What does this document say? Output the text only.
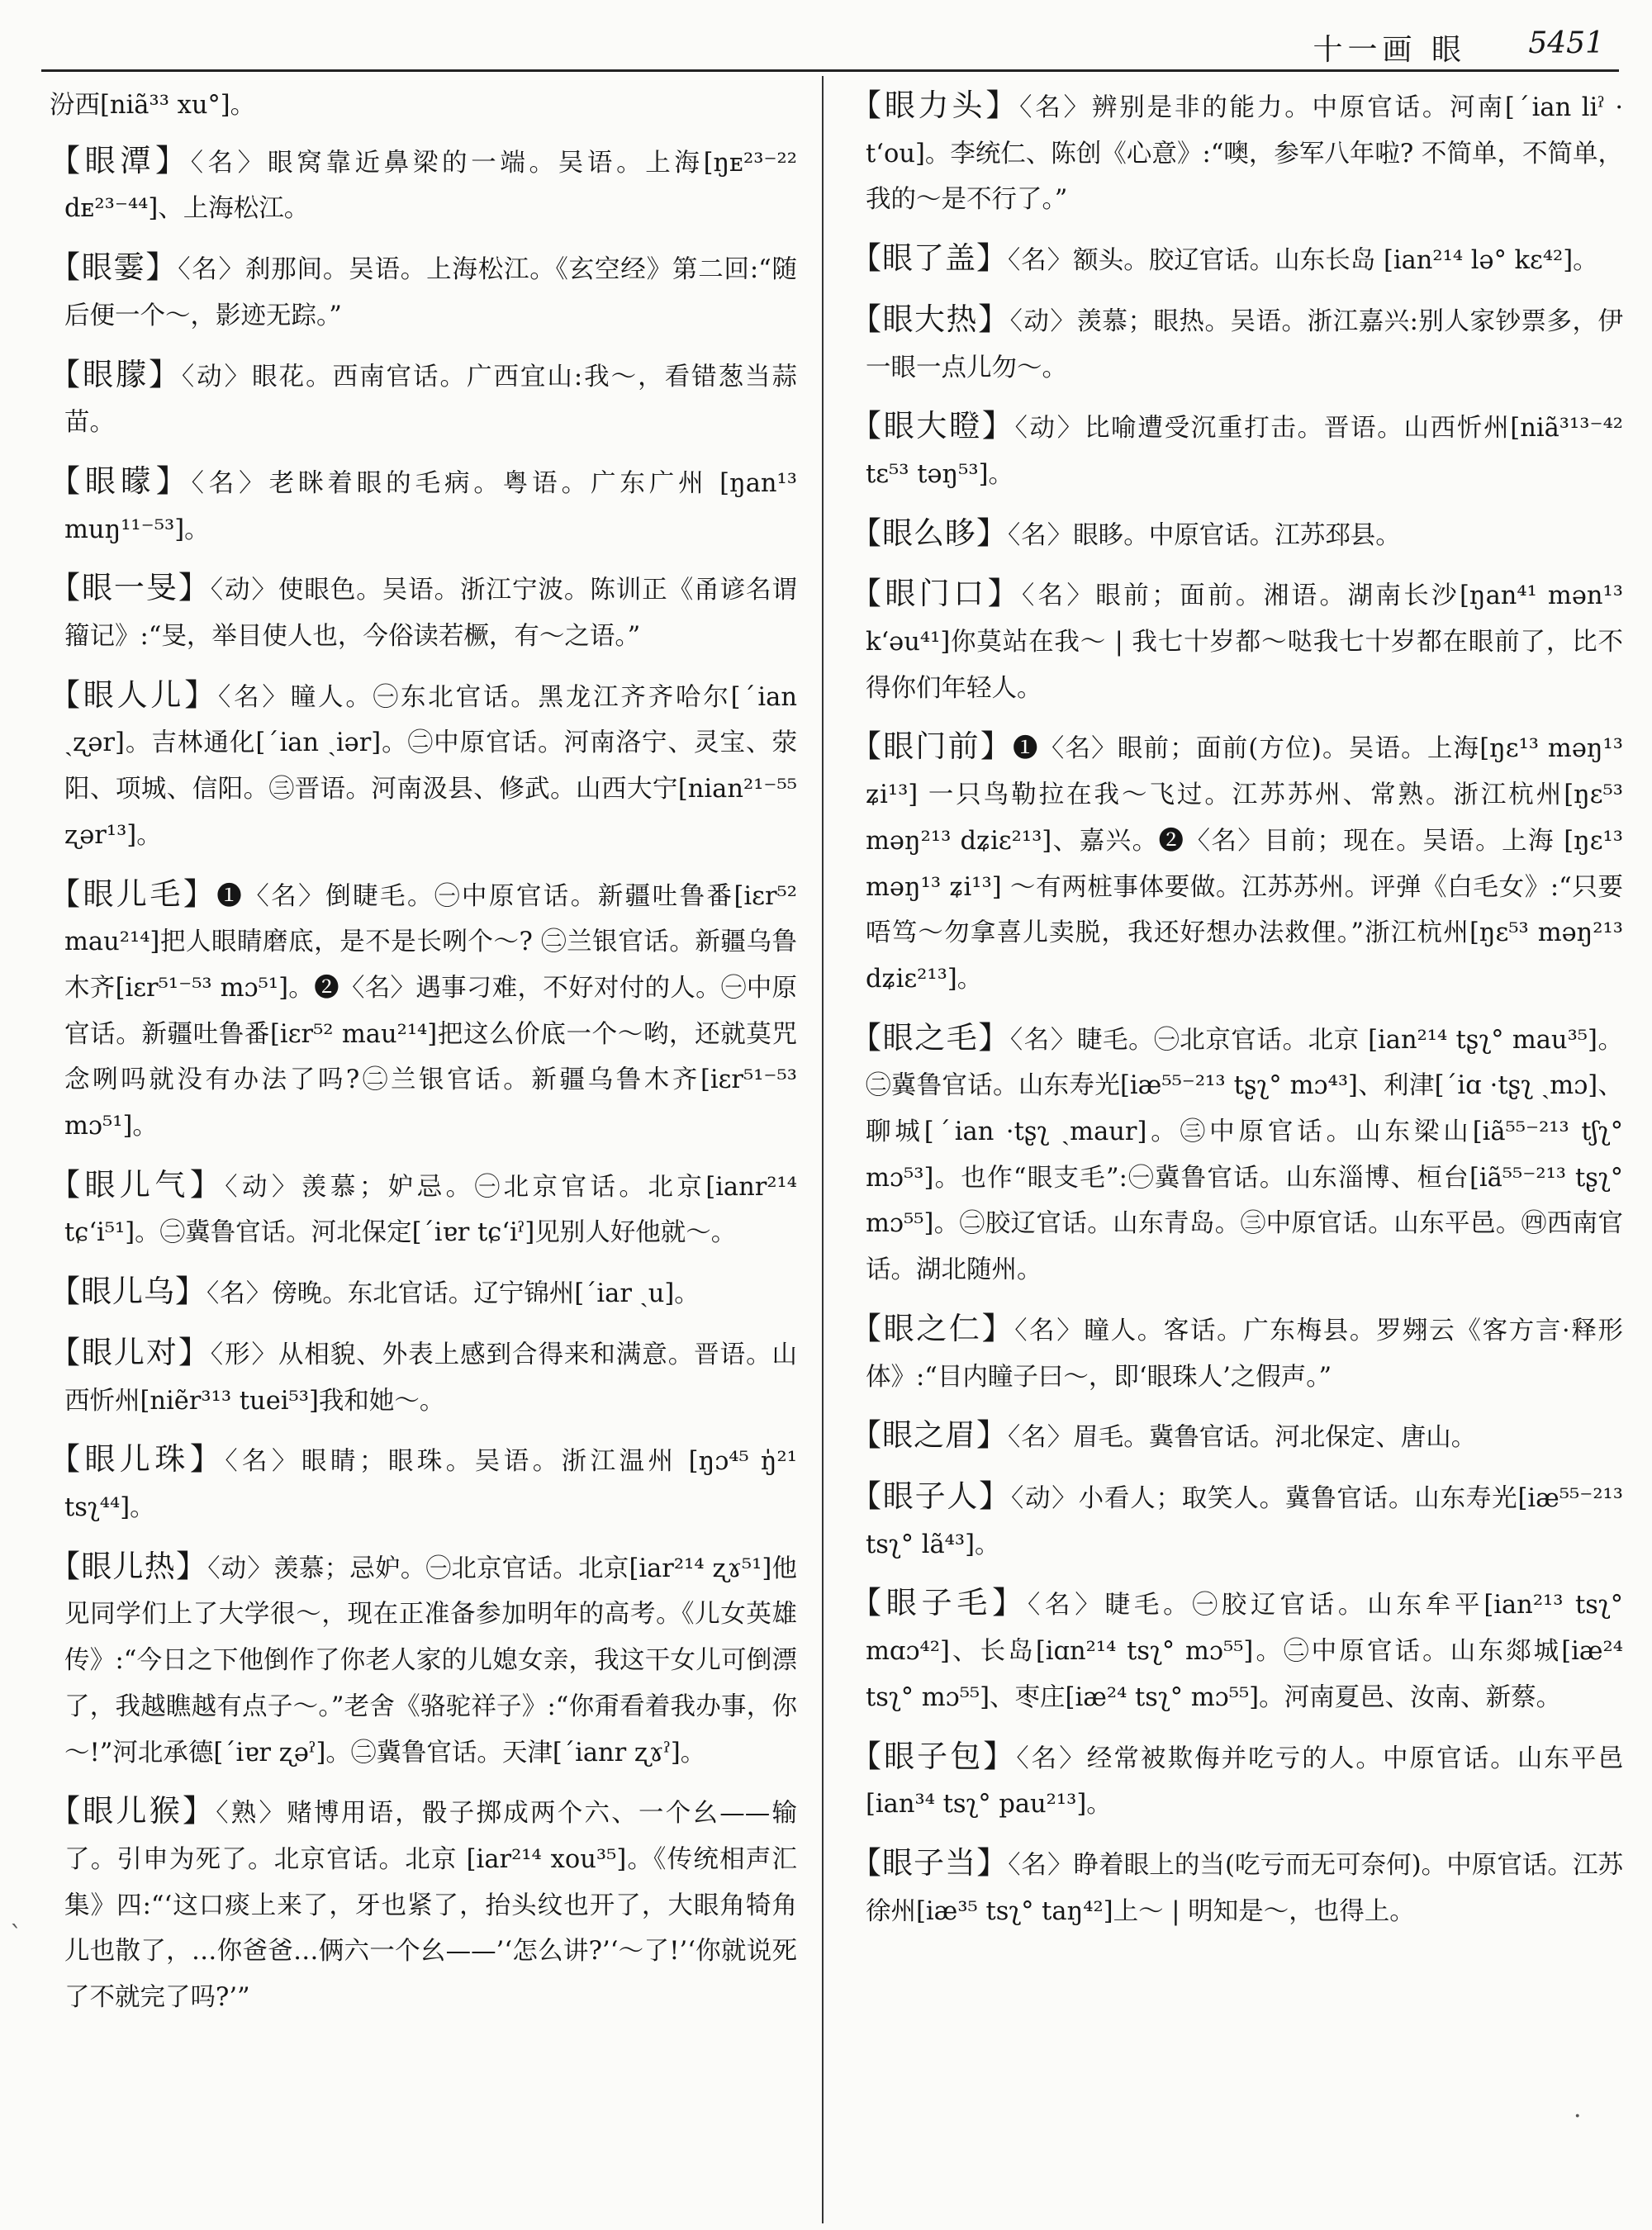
十一画 眼 5451

汾西[niã³³ xu°]。

【眼潭】〈名〉眼窝靠近鼻梁的一端。吴语。上海[ŋᴇ²³⁻²² dᴇ²³⁻⁴⁴]、上海松江。

【眼霎】〈名〉刹那间。吴语。上海松江。《玄空经》第二回:“随后便一个～，影迹无踪。”

【眼朦】〈动〉眼花。西南官话。广西宜山:我～，看错葱当蒜苗。

【眼矇】〈名〉老眯着眼的毛病。粤语。广东广州 [ŋan¹³ muŋ¹¹⁻⁵³]。

【眼一旻】〈动〉使眼色。吴语。浙江宁波。陈训正《甬谚名谓籀记》:“旻，举目使人也，今俗读若橛，有～之语。”

【眼人儿】〈名〉瞳人。㊀东北官话。黑龙江齐齐哈尔[ˊian ˏʐər]。吉林通化[ˊian ˏiər]。㊁中原官话。河南洛宁、灵宝、荥阳、项城、信阳。㊂晋语。河南汲县、修武。山西大宁[nian²¹⁻⁵⁵ ʐər¹³]。

【眼儿毛】❶〈名〉倒睫毛。㊀中原官话。新疆吐鲁番[iɛr⁵² mau²¹⁴]把人眼睛磨底，是不是长咧个～? ㊁兰银官话。新疆乌鲁木齐[iɛr⁵¹⁻⁵³ mɔ⁵¹]。❷〈名〉遇事刁难，不好对付的人。㊀中原官话。新疆吐鲁番[iɛr⁵² mau²¹⁴]把这么价底一个～哟，还就莫咒念咧吗就没有办法了吗?㊁兰银官话。新疆乌鲁木齐[iɛr⁵¹⁻⁵³ mɔ⁵¹]。

【眼儿气】〈动〉羡慕；妒忌。㊀北京官话。北京[ianr²¹⁴ tɕ‘i⁵¹]。㊁冀鲁官话。河北保定[ˊiɐr tɕ‘iˀ]见别人好他就～。

【眼儿乌】〈名〉傍晚。东北官话。辽宁锦州[ˊiar ˏu]。

【眼儿对】〈形〉从相貌、外表上感到合得来和满意。晋语。山西忻州[niẽr³¹³ tuei⁵³]我和她～。

【眼儿珠】〈名〉眼睛；眼珠。吴语。浙江温州 [ŋɔ⁴⁵ ŋ̍²¹ tsʅ⁴⁴]。

【眼儿热】〈动〉羡慕；忌妒。㊀北京官话。北京[iar²¹⁴ ʐɤ⁵¹]他见同学们上了大学很～，现在正准备参加明年的高考。《儿女英雄传》:“今日之下他倒作了你老人家的儿媳女亲，我这干女儿可倒漂了，我越瞧越有点子～。”老舍《骆驼祥子》:“你甭看着我办事，你～!”河北承德[ˊiɐr ʐəˀ]。㊁冀鲁官话。天津[ˊianr ʐɤˀ]。

【眼儿猴】〈熟〉赌博用语，骰子掷成两个六、一个幺——输了。引申为死了。北京官话。北京 [iar²¹⁴ xou³⁵]。《传统相声汇集》四:“‘这口痰上来了，牙也紧了，抬头纹也开了，大眼角犄角儿也散了，…你爸爸…俩六一个幺——’‘怎么讲?’‘～了!’‘你就说死了不就完了吗?’”

【眼力头】〈名〉辨别是非的能力。中原官话。河南[ˊian liˀ · t‘ou]。李统仁、陈创《心意》:“噢，参军八年啦? 不简单，不简单，我的～是不行了。”

【眼了盖】〈名〉额头。胶辽官话。山东长岛 [ian²¹⁴ lə° kɛ⁴²]。

【眼大热】〈动〉羡慕；眼热。吴语。浙江嘉兴:别人家钞票多，伊一眼一点儿勿～。

【眼大瞪】〈动〉比喻遭受沉重打击。晋语。山西忻州[niã³¹³⁻⁴² tɛ⁵³ təŋ⁵³]。

【眼么眵】〈名〉眼眵。中原官话。江苏邳县。

【眼门口】〈名〉眼前；面前。湘语。湖南长沙[ŋan⁴¹ mən¹³ k‘əu⁴¹]你莫站在我～ | 我七十岁都～哒我七十岁都在眼前了，比不得你们年轻人。

【眼门前】❶〈名〉眼前；面前(方位)。吴语。上海[ŋɛ¹³ məŋ¹³ ʑi¹³] 一只鸟勒拉在我～飞过。江苏苏州、常熟。浙江杭州[ŋɛ⁵³ məŋ²¹³ dʑiɛ²¹³]、嘉兴。❷〈名〉目前；现在。吴语。上海 [ŋɛ¹³ məŋ¹³ ʑi¹³] ～有两桩事体要做。江苏苏州。评弹《白毛女》:“只要唔笃～勿拿喜儿卖脱，我还好想办法救俚。”浙江杭州[ŋɛ⁵³ məŋ²¹³ dʑiɛ²¹³]。

【眼之毛】〈名〉睫毛。㊀北京官话。北京 [ian²¹⁴ tʂʅ° mau³⁵]。㊁冀鲁官话。山东寿光[iæ⁵⁵⁻²¹³ tʂʅ° mɔ⁴³]、利津[ˊiɑ ·tʂʅ ˏmɔ]、聊城[ˊian ·tʂʅ ˏmaur]。㊂中原官话。山东梁山[iã⁵⁵⁻²¹³ tʃʅ° mɔ⁵³]。也作“眼支毛”:㊀冀鲁官话。山东淄博、桓台[iã⁵⁵⁻²¹³ tʂʅ° mɔ⁵⁵]。㊁胶辽官话。山东青岛。㊂中原官话。山东平邑。㊃西南官话。湖北随州。

【眼之仁】〈名〉瞳人。客话。广东梅县。罗翙云《客方言·释形体》:“目内瞳子曰～，即‘眼珠人’之假声。”

【眼之眉】〈名〉眉毛。冀鲁官话。河北保定、唐山。

【眼子人】〈动〉小看人；取笑人。冀鲁官话。山东寿光[iæ⁵⁵⁻²¹³ tsʅ° lã⁴³]。

【眼子毛】〈名〉睫毛。㊀胶辽官话。山东牟平[ian²¹³ tsʅ° mɑɔ⁴²]、长岛[iɑn²¹⁴ tsʅ° mɔ⁵⁵]。㊁中原官话。山东郯城[iæ²⁴ tsʅ° mɔ⁵⁵]、枣庄[iæ²⁴ tsʅ° mɔ⁵⁵]。河南夏邑、汝南、新蔡。

【眼子包】〈名〉经常被欺侮并吃亏的人。中原官话。山东平邑[ian³⁴ tsʅ° pau²¹³]。

【眼子当】〈名〉睁着眼上的当(吃亏而无可奈何)。中原官话。江苏徐州[iæ³⁵ tsʅ° taŋ⁴²]上～ | 明知是～，也得上。

ˋ
·
